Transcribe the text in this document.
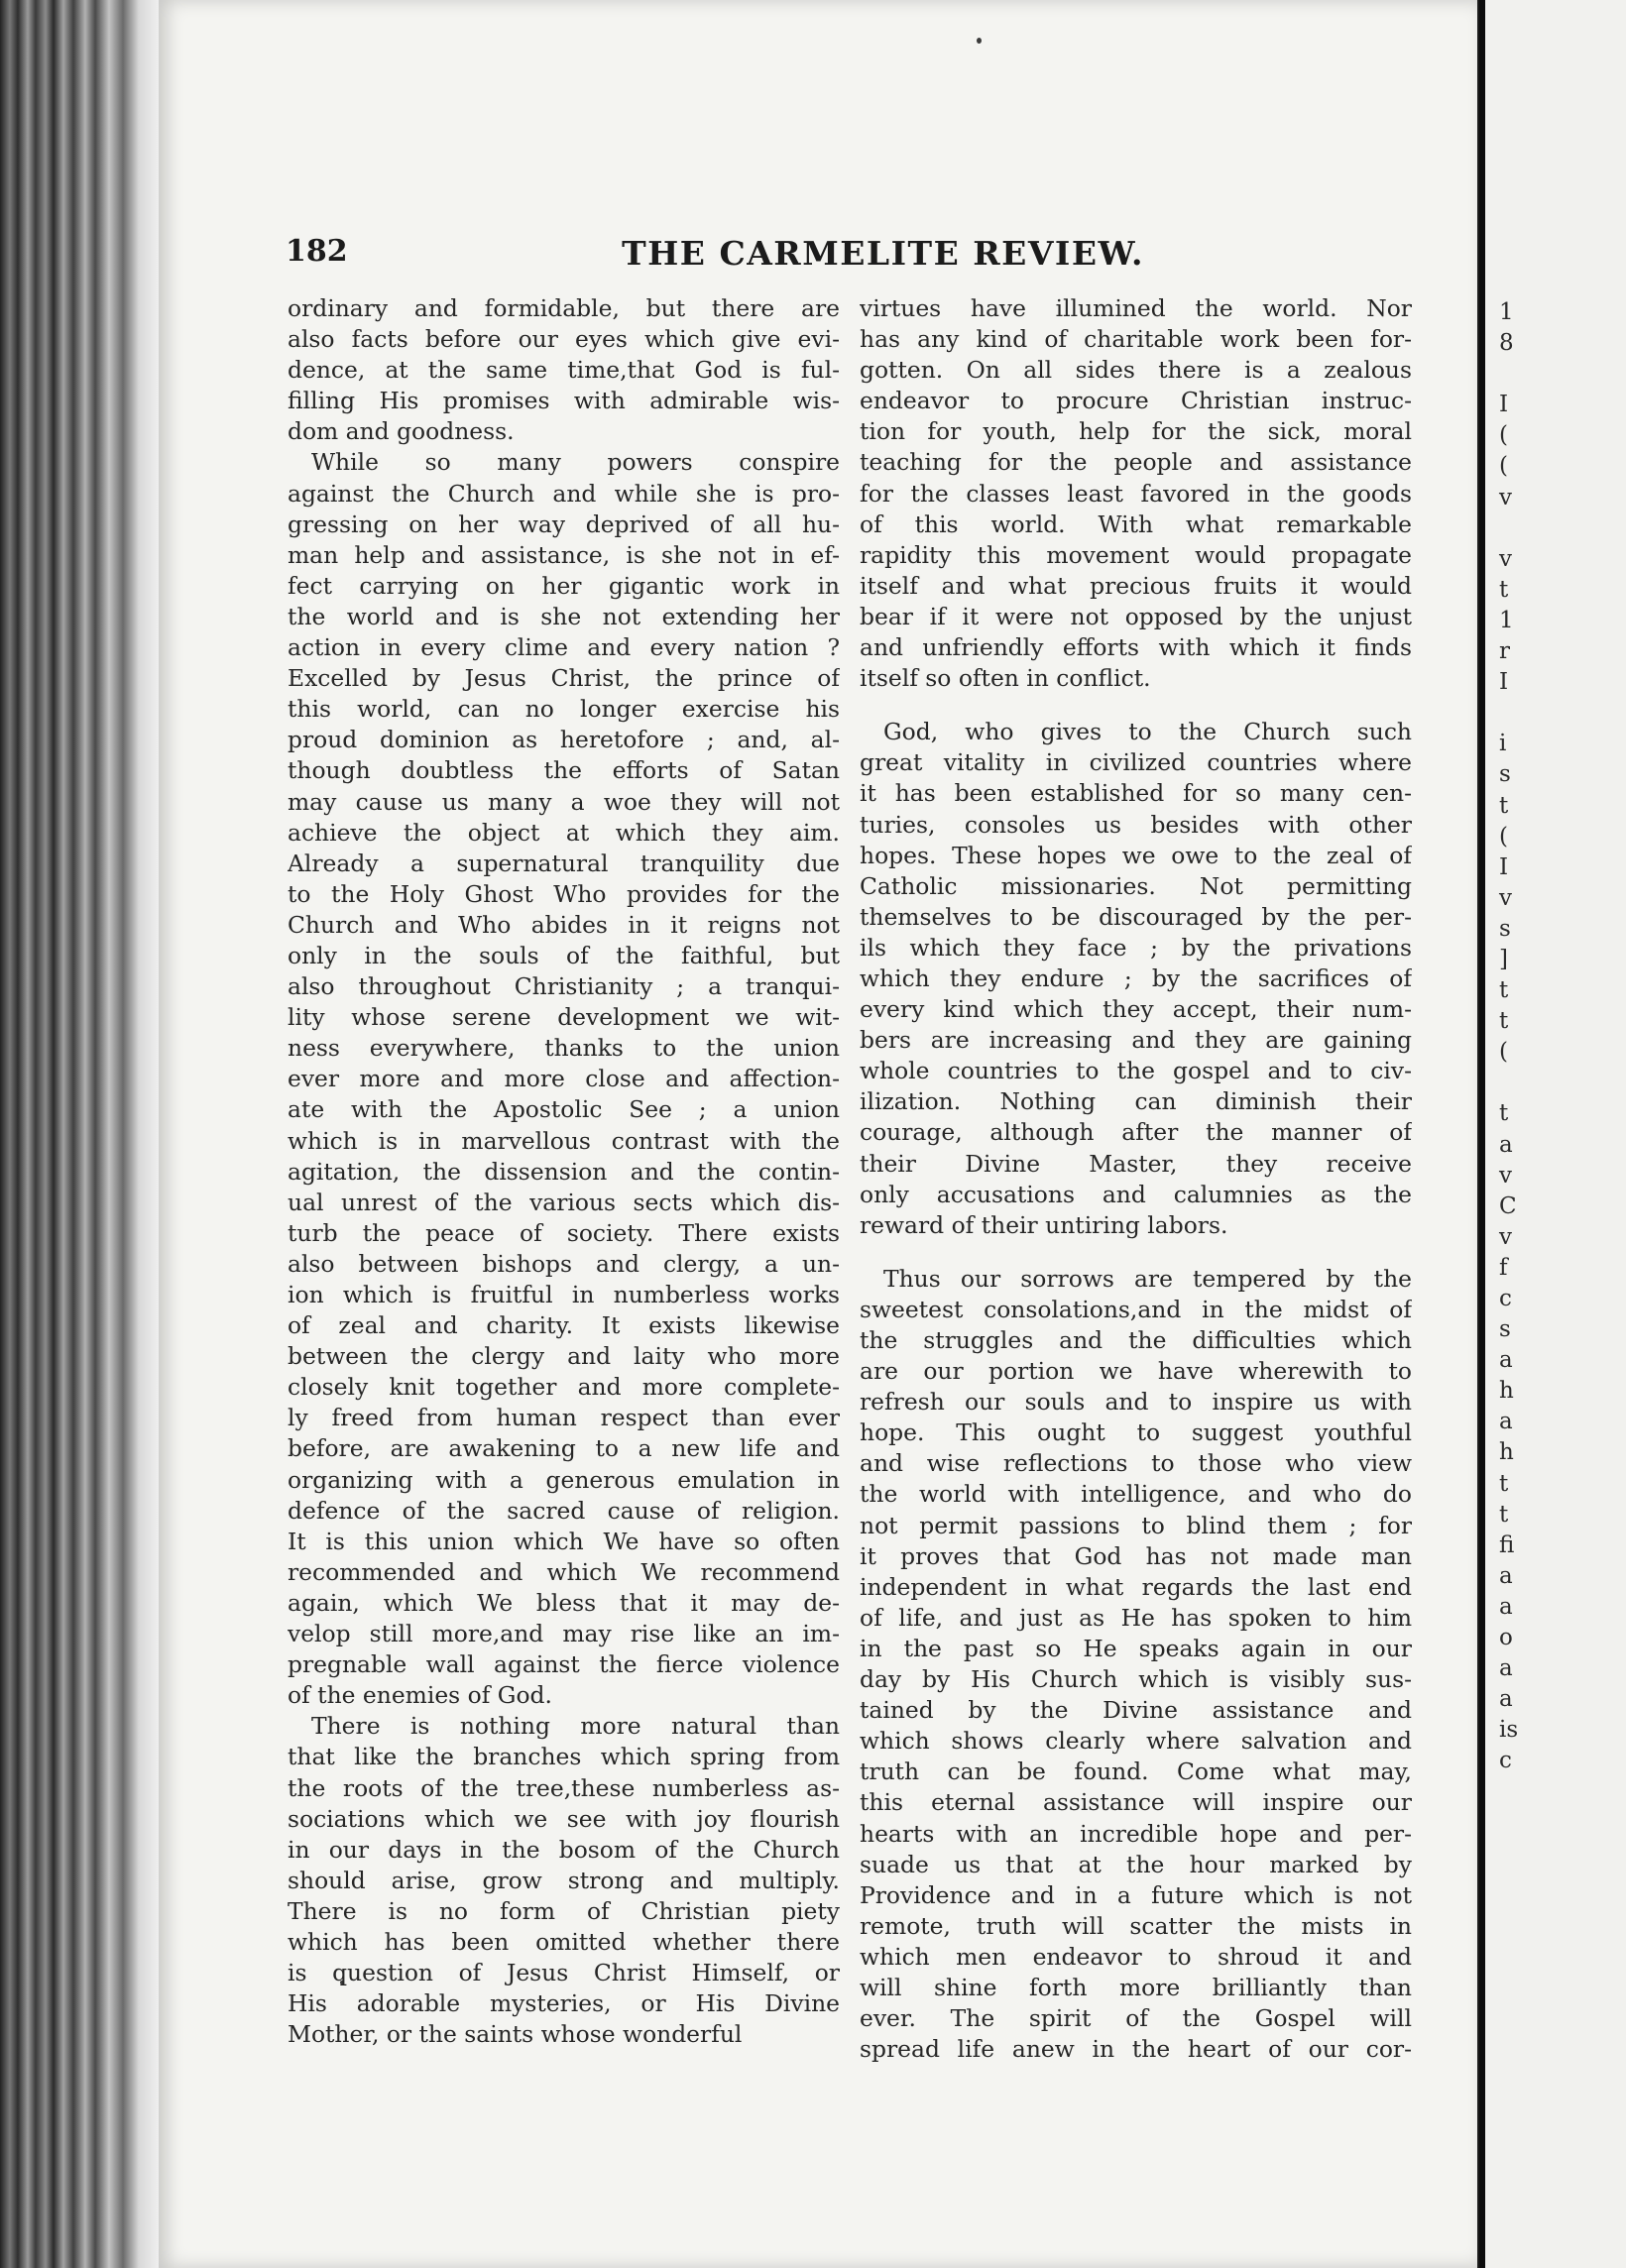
182	THE CARMELITE REVIEW.
ordinary and formidable, but there are
also facts before our eyes which give evi-
dence, at the same time,that God is ful-
filling His promises with admirable wis-
dom and goodness.
While so many powers conspire
against the Church and while she is pro-
gressing on her way deprived of all hu-
man help and assistance, is she not in ef-
fect carrying on her gigantic work in
the world and is she not extending her
action in every clime and every nation ?
Excelled by Jesus Christ, the prince of
this world, can no longer exercise his
proud dominion as heretofore ; and, al-
though doubtless the efforts of Satan
may cause us many a woe they will not
achieve the object at which they aim.
Already a supernatural tranquility due
to the Holy Ghost Who provides for the
Church and Who abides in it reigns not
only in the souls of the faithful, but
also throughout Christianity ; a tranqui-
lity whose serene development we wit-
ness everywhere, thanks to the union
ever more and more close and affection-
ate with the Apostolic See ; a union
which is in marvellous contrast with the
agitation, the dissension and the contin-
ual unrest of the various sects which dis-
turb the peace of society. There exists
also between bishops and clergy, a un-
ion which is fruitful in numberless works
of zeal and charity. It exists likewise
between the clergy and laity who more
closely knit together and more complete-
ly freed from human respect than ever
before, are awakening to a new life and
organizing with a generous emulation in
defence of the sacred cause of religion.
It is this union which We have so often
recommended and which We recommend
again, which We bless that it may de-
velop still more,and may rise like an im-
pregnable wall against the fierce violence
of the enemies of God.
There is nothing more natural than
that like the branches which spring from
the roots of the tree,these numberless as-
sociations which we see with joy flourish
in our days in the bosom of the Church
should arise, grow strong and multiply.
There is no form of Christian piety
which has been omitted whether there
is question of Jesus Christ Himself, or
His adorable mysteries, or His Divine
Mother, or the saints whose wonderful
virtues have illumined the world. Nor
has any kind of charitable work been for-
gotten. On all sides there is a zealous
endeavor to procure Christian instruc-
tion for youth, help for the sick, moral
teaching for the people and assistance
for the classes least favored in the goods
of this world. With what remarkable
rapidity this movement would propagate
itself and what precious fruits it would
bear if it were not opposed by the unjust
and unfriendly efforts with which it finds
itself so often in conflict.
God, who gives to the Church such
great vitality in civilized countries where
it has been established for so many cen-
turies, consoles us besides with other
hopes. These hopes we owe to the zeal of
Catholic missionaries. Not permitting
themselves to be discouraged by the per-
ils which they face ; by the privations
which they endure ; by the sacrifices of
every kind which they accept, their num-
bers are increasing and they are gaining
whole countries to the gospel and to civ-
ilization. Nothing can diminish their
courage, although after the manner of
their Divine Master, they receive
only accusations and calumnies as the
reward of their untiring labors.
Thus our sorrows are tempered by the
sweetest consolations,and in the midst of
the struggles and the difficulties which
are our portion we have wherewith to
refresh our souls and to inspire us with
hope. This ought to suggest youthful
and wise reflections to those who view
the world with intelligence, and who do
not permit passions to blind them ; for
it proves that God has not made man
independent in what regards the last end
of life, and just as He has spoken to him
in the past so He speaks again in our
day by His Church which is visibly sus-
tained by the Divine assistance and
which shows clearly where salvation and
truth can be found. Come what may,
this eternal assistance will inspire our
hearts with an incredible hope and per-
suade us that at the hour marked by
Providence and in a future which is not
remote, truth will scatter the mists in
which men endeavor to shroud it and
will shine forth more brilliantly than
ever. The spirit of the Gospel will
spread life anew in the heart of our cor-
1
8
I
(
(
v
v
t
1
r
I
i
s
t
(
I
v
s
]
t
t
(
t
a
v
C
v
f
c
s
a
h
a
h
t
t
fi
a
a
o
a
a
is
c
